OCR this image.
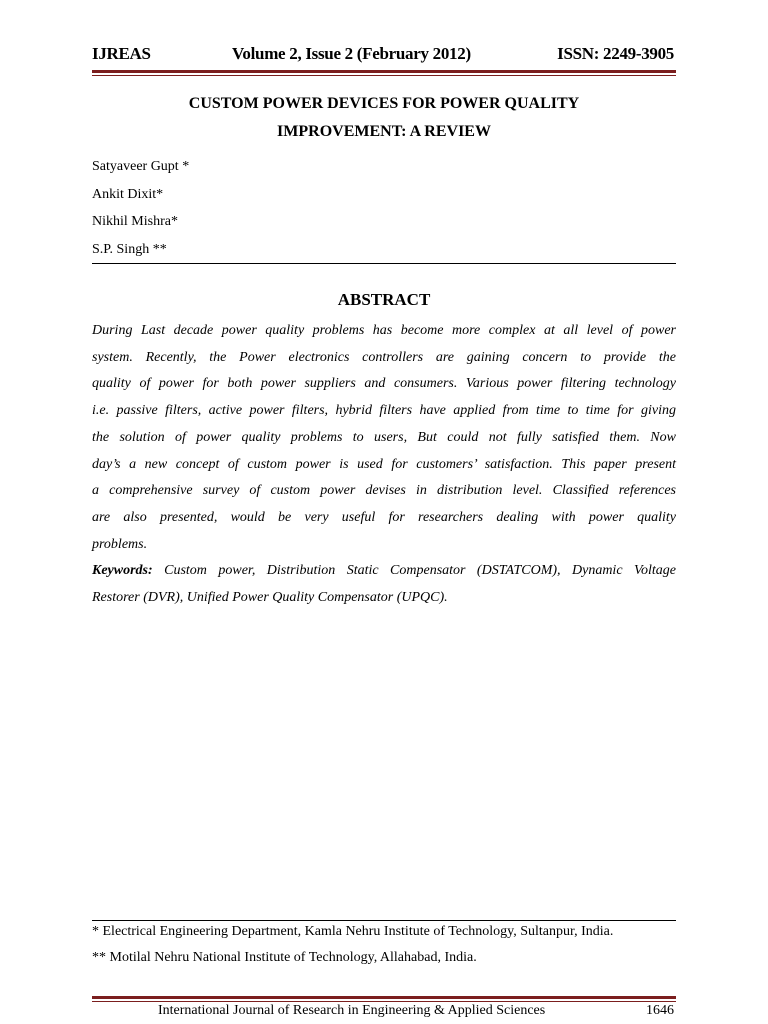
IJREAS	Volume 2, Issue 2 (February 2012)	ISSN: 2249-3905
CUSTOM POWER DEVICES FOR POWER QUALITY
IMPROVEMENT: A REVIEW
Satyaveer Gupt *
Ankit Dixit*
Nikhil Mishra*
S.P. Singh **
ABSTRACT
During Last decade power quality problems has become more complex at all level of power
system. Recently, the Power electronics controllers are gaining concern to provide the
quality of power for both power suppliers and consumers. Various power filtering technology
i.e. passive filters, active power filters, hybrid filters have applied from time to time for giving
the solution of power quality problems to users, But could not fully satisfied them. Now
day’s a new concept of custom power is used for customers’ satisfaction. This paper present
a comprehensive survey of custom power devises in distribution level. Classified references
are also presented, would be very useful for researchers dealing with power quality
problems.
Keywords: Custom power, Distribution Static Compensator (DSTATCOM), Dynamic Voltage
Restorer (DVR), Unified Power Quality Compensator (UPQC).
* Electrical Engineering Department, Kamla Nehru Institute of Technology, Sultanpur, India.
** Motilal Nehru National Institute of Technology, Allahabad, India.
International Journal of Research in Engineering & Applied Sciences	1646
